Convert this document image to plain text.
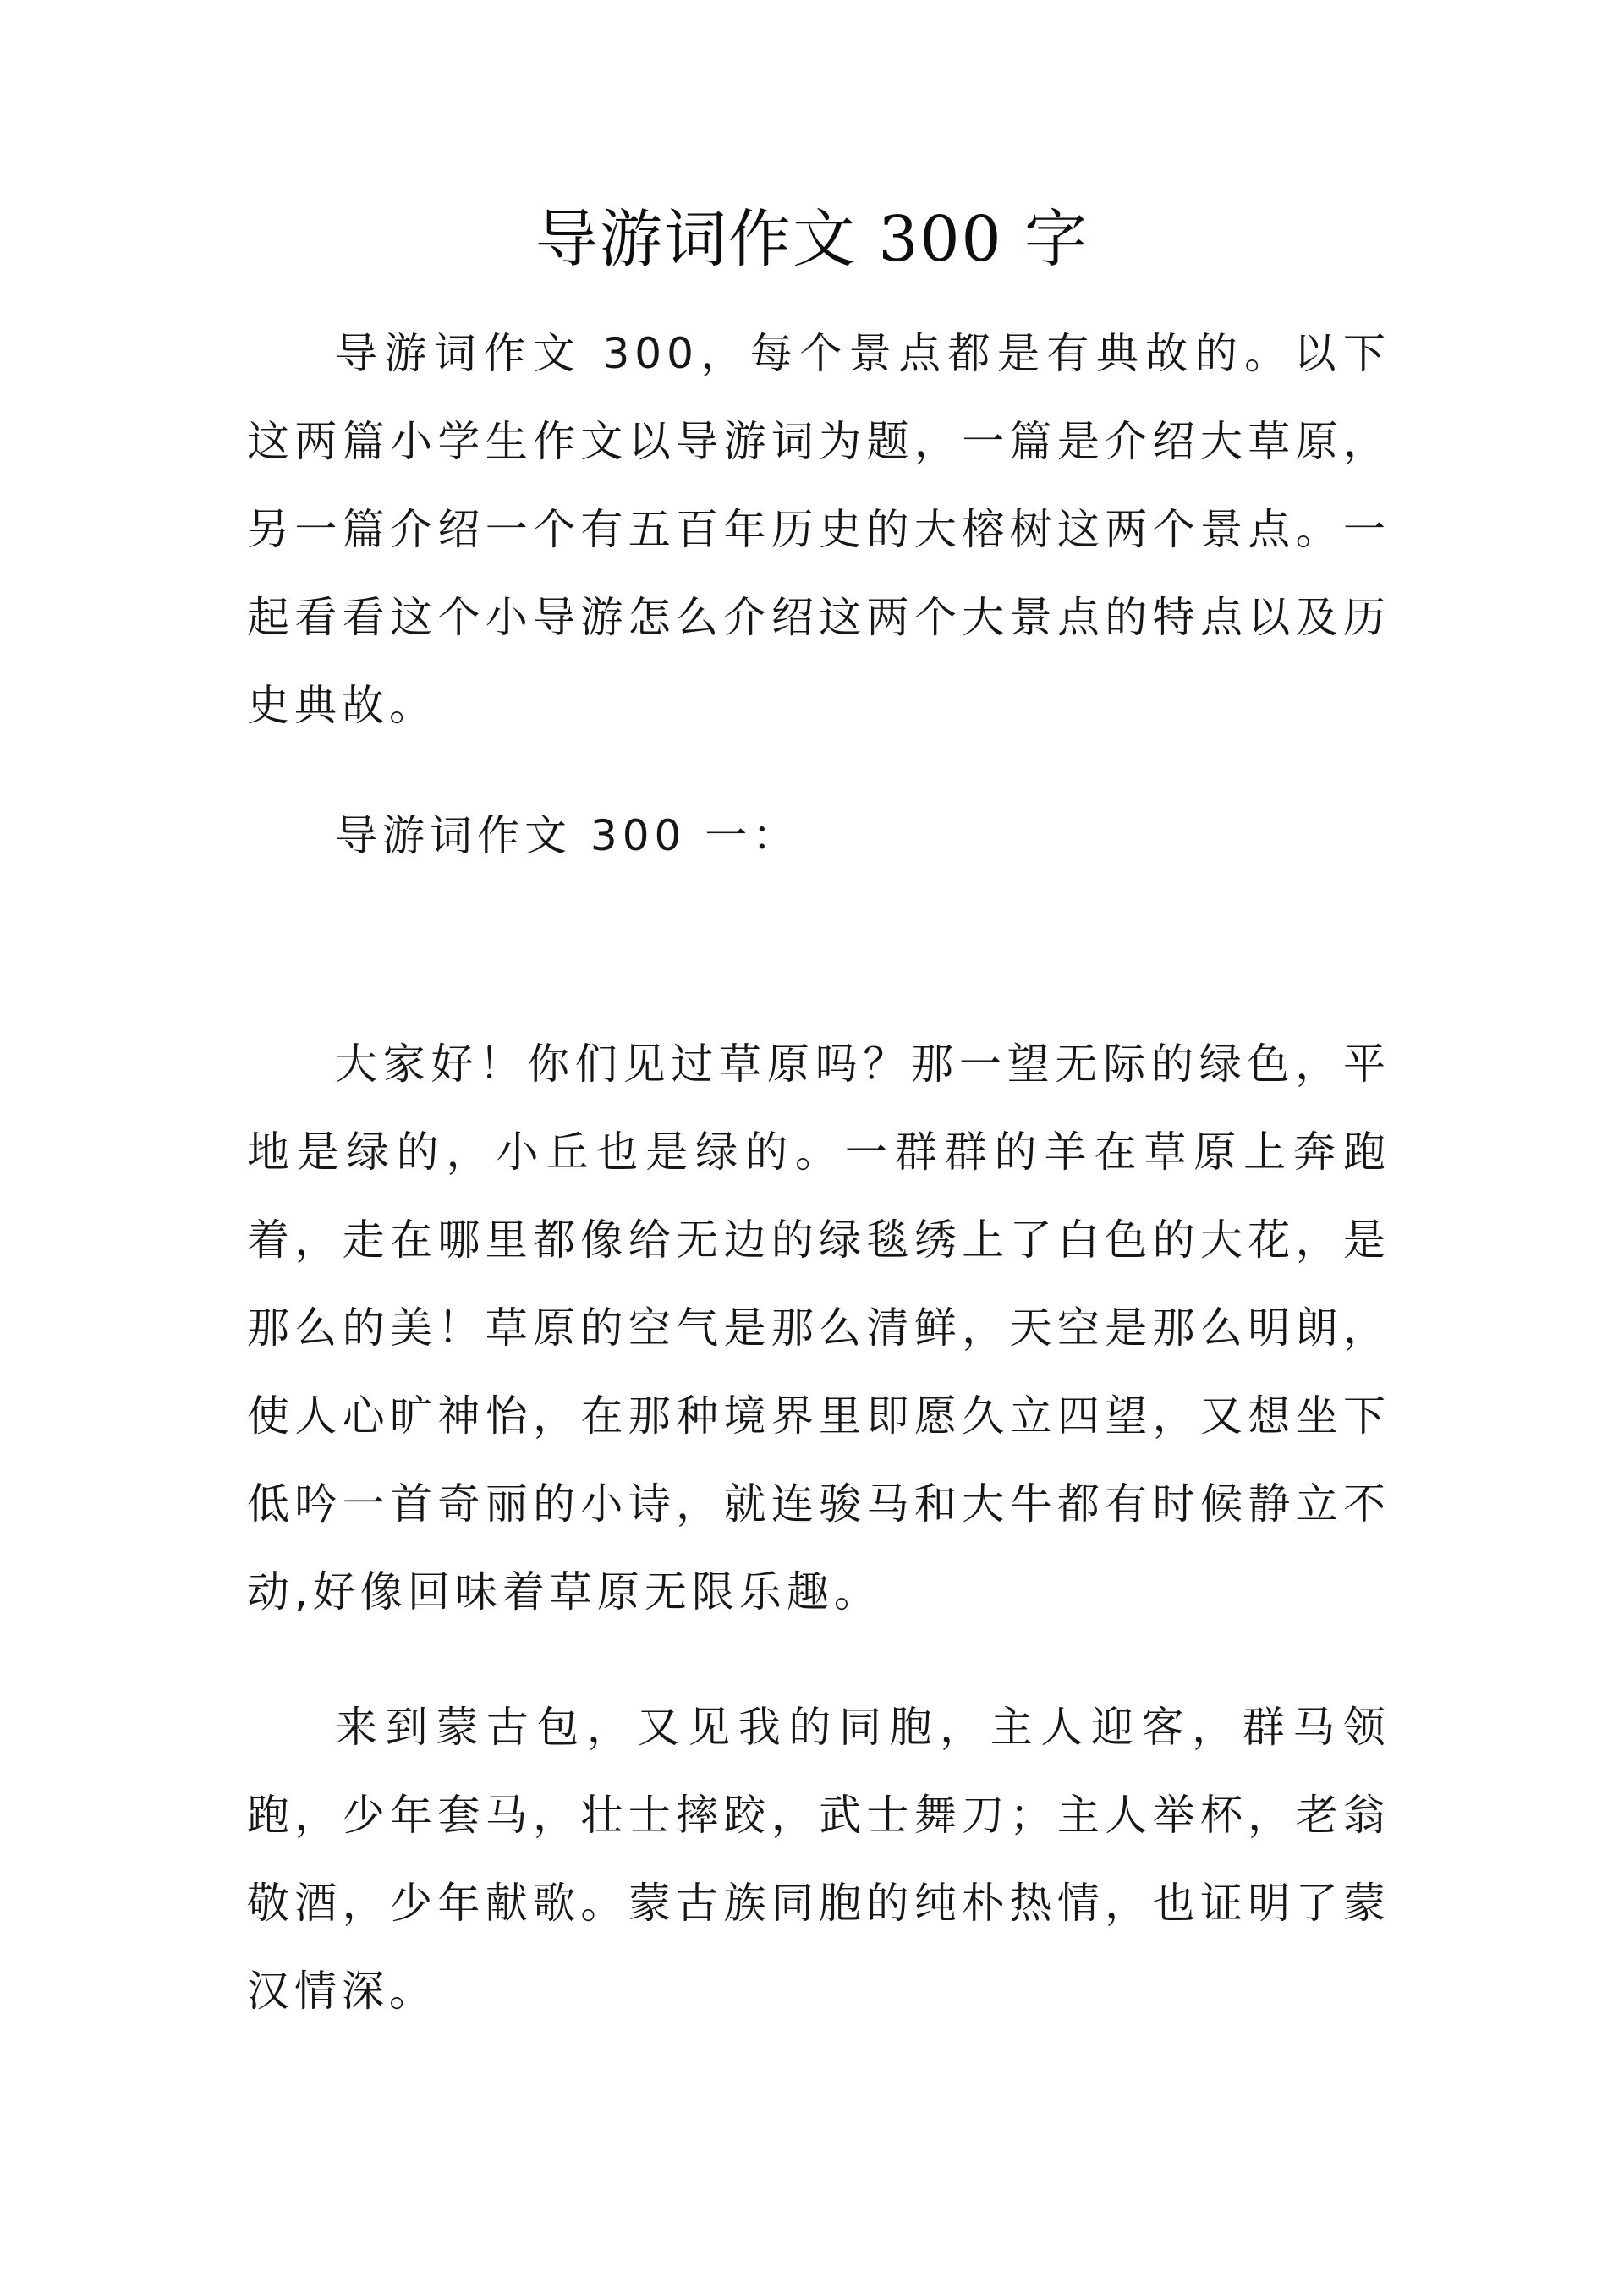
导游词作文 300 字

导游词作文 300，每个景点都是有典故的。以下这两篇小学生作文以导游词为题，一篇是介绍大草原，另一篇介绍一个有五百年历史的大榕树这两个景点。一起看看这个小导游怎么介绍这两个大景点的特点以及历史典故。

导游词作文 300 一：

大家好！你们见过草原吗？那一望无际的绿色，平地是绿的，小丘也是绿的。一群群的羊在草原上奔跑着，走在哪里都像给无边的绿毯绣上了白色的大花，是那么的美！草原的空气是那么清鲜，天空是那么明朗，使人心旷神怡，在那种境界里即愿久立四望，又想坐下低吟一首奇丽的小诗，就连骏马和大牛都有时候静立不动,好像回味着草原无限乐趣。

来到蒙古包，又见我的同胞，主人迎客，群马领跑，少年套马，壮士摔跤，武士舞刀；主人举杯，老翁敬酒，少年献歌。蒙古族同胞的纯朴热情，也证明了蒙汉情深。
